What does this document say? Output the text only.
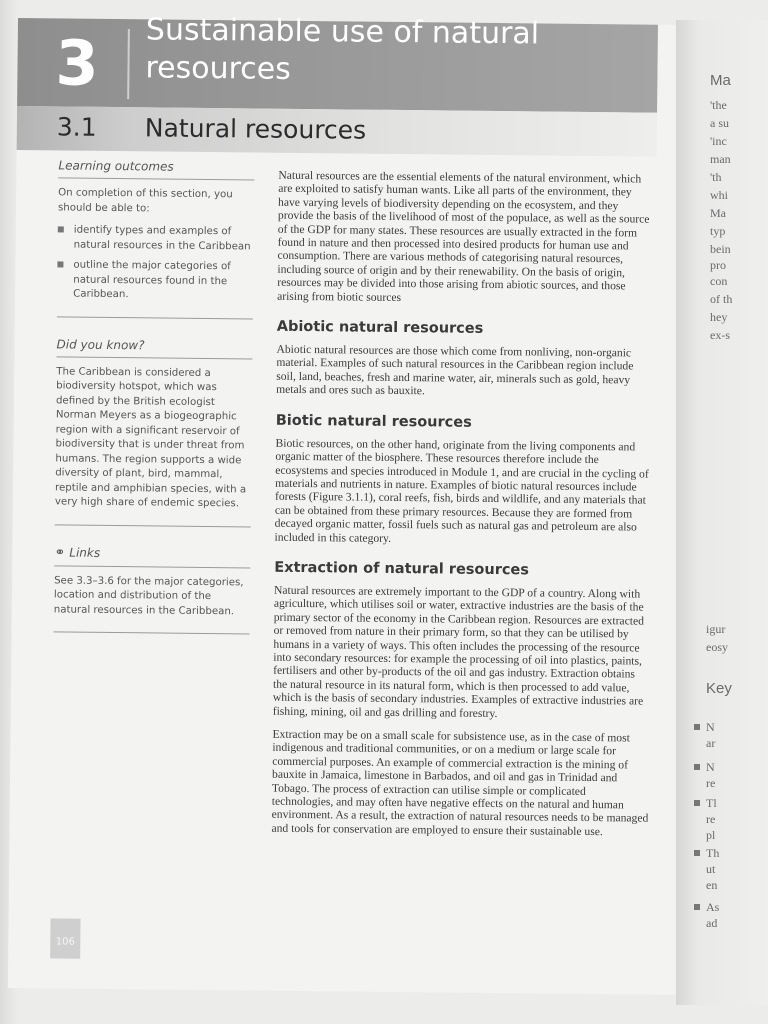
3 Sustainable use of natural resources
3.1 Natural resources
Learning outcomes
On completion of this section, you should be able to:
identify types and examples of natural resources in the Caribbean
outline the major categories of natural resources found in the Caribbean.
Did you know?
The Caribbean is considered a biodiversity hotspot, which was defined by the British ecologist Norman Meyers as a biogeographic region with a significant reservoir of biodiversity that is under threat from humans. The region supports a wide diversity of plant, bird, mammal, reptile and amphibian species, with a very high share of endemic species.
⚭ Links
See 3.3–3.6 for the major categories, location and distribution of the natural resources in the Caribbean.
106

Natural resources are the essential elements of the natural environment, which are exploited to satisfy human wants. Like all parts of the environment, they have varying levels of biodiversity depending on the ecosystem, and they provide the basis of the livelihood of most of the populace, as well as the source of the GDP for many states. These resources are usually extracted in the form found in nature and then processed into desired products for human use and consumption. There are various methods of categorising natural resources, including source of origin and by their renewability. On the basis of origin, resources may be divided into those arising from abiotic sources, and those arising from biotic sources

Abiotic natural resources

Abiotic natural resources are those which come from nonliving, non-organic material. Examples of such natural resources in the Caribbean region include soil, land, beaches, fresh and marine water, air, minerals such as gold, heavy metals and ores such as bauxite.

Biotic natural resources

Biotic resources, on the other hand, originate from the living components and organic matter of the biosphere. These resources therefore include the ecosystems and species introduced in Module 1, and are crucial in the cycling of materials and nutrients in nature. Examples of biotic natural resources include forests (Figure 3.1.1), coral reefs, fish, birds and wildlife, and any materials that can be obtained from these primary resources. Because they are formed from decayed organic matter, fossil fuels such as natural gas and petroleum are also included in this category.

Extraction of natural resources

Natural resources are extremely important to the GDP of a country. Along with agriculture, which utilises soil or water, extractive industries are the basis of the primary sector of the economy in the Caribbean region. Resources are extracted or removed from nature in their primary form, so that they can be utilised by humans in a variety of ways. This often includes the processing of the resource into secondary resources: for example the processing of oil into plastics, paints, fertilisers and other by-products of the oil and gas industry. Extraction obtains the natural resource in its natural form, which is then processed to add value, which is the basis of secondary industries. Examples of extractive industries are fishing, mining, oil and gas drilling and forestry.

Extraction may be on a small scale for subsistence use, as in the case of most indigenous and traditional communities, or on a medium or large scale for commercial purposes. An example of commercial extraction is the mining of bauxite in Jamaica, limestone in Barbados, and oil and gas in Trinidad and Tobago. The process of extraction can utilise simple or complicated technologies, and may often have negative effects on the natural and human environment. As a result, the extraction of natural resources needs to be managed and tools for conservation are employed to ensure their sustainable use.

Ma
'the
a su
'inc
man
'th
whi
Ma
typ
bein
pro
con
of th
hey
ex-s
igur
eosy
Key
N
ar
N
re
Tl
re
pl
Th
ut
en
As
ad
